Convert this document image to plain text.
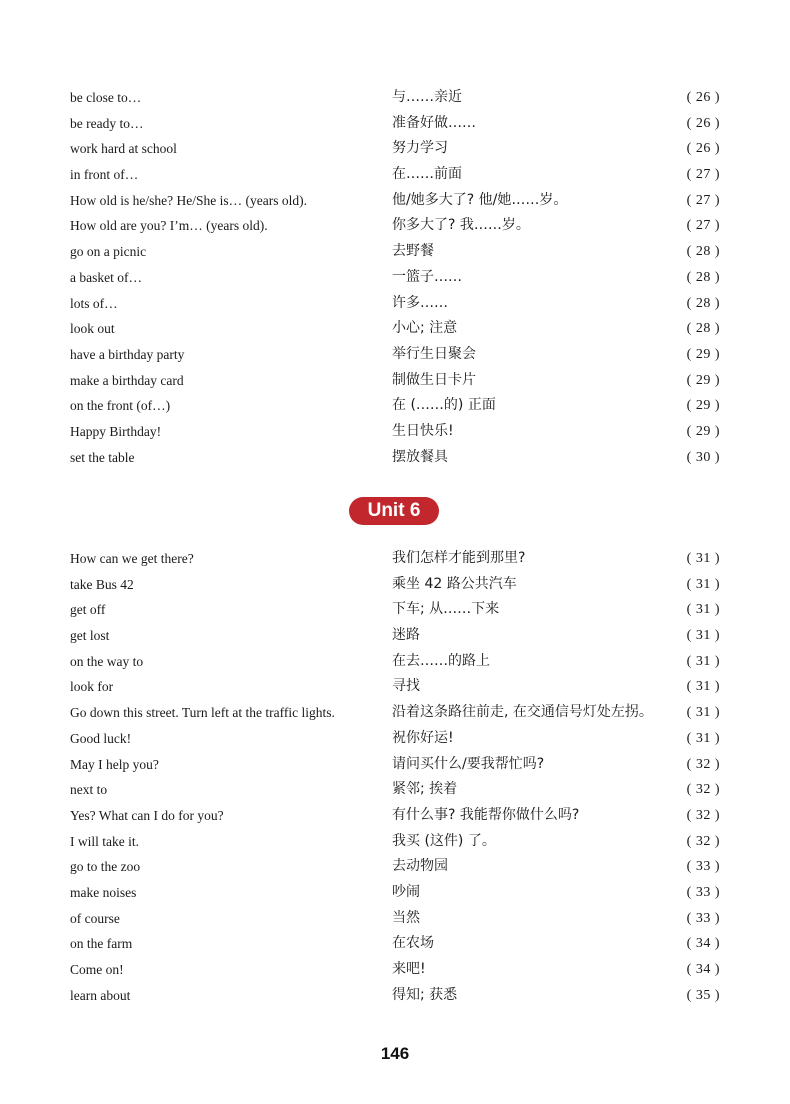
be close to…	与……亲近	( 26 )
be ready to…	准备好做……	( 26 )
work hard at school	努力学习	( 26 )
in front of…	在……前面	( 27 )
How old is he/she? He/She is… (years old).	他/她多大了? 他/她……岁。	( 27 )
How old are you? I’m… (years old).	你多大了? 我……岁。	( 27 )
go on a picnic	去野餐	( 28 )
a basket of…	一篮子……	( 28 )
lots of…	许多……	( 28 )
look out	小心; 注意	( 28 )
have a birthday party	举行生日聚会	( 29 )
make a birthday card	制做生日卡片	( 29 )
on the front (of…)	在 (……的) 正面	( 29 )
Happy Birthday!	生日快乐!	( 29 )
set the table	摆放餐具	( 30 )
Unit 6
How can we get there?	我们怎样才能到那里?	( 31 )
take Bus 42	乘坐 42 路公共汽车	( 31 )
get off	下车; 从……下来	( 31 )
get lost	迷路	( 31 )
on the way to	在去……的路上	( 31 )
look for	寻找	( 31 )
Go down this street. Turn left at the traffic lights.	沿着这条路往前走, 在交通信号灯处左拐。 ( 31 )
Good luck!	祝你好运!	( 31 )
May I help you?	请问买什么/要我帮忙吗?	( 32 )
next to	紧邻; 挨着	( 32 )
Yes? What can I do for you?	有什么事? 我能帮你做什么吗?	( 32 )
I will take it.	我买 (这件) 了。	( 32 )
go to the zoo	去动物园	( 33 )
make noises	吵闹	( 33 )
of course	当然	( 33 )
on the farm	在农场	( 34 )
Come on!	来吧!	( 34 )
learn about	得知; 获悉	( 35 )
146
